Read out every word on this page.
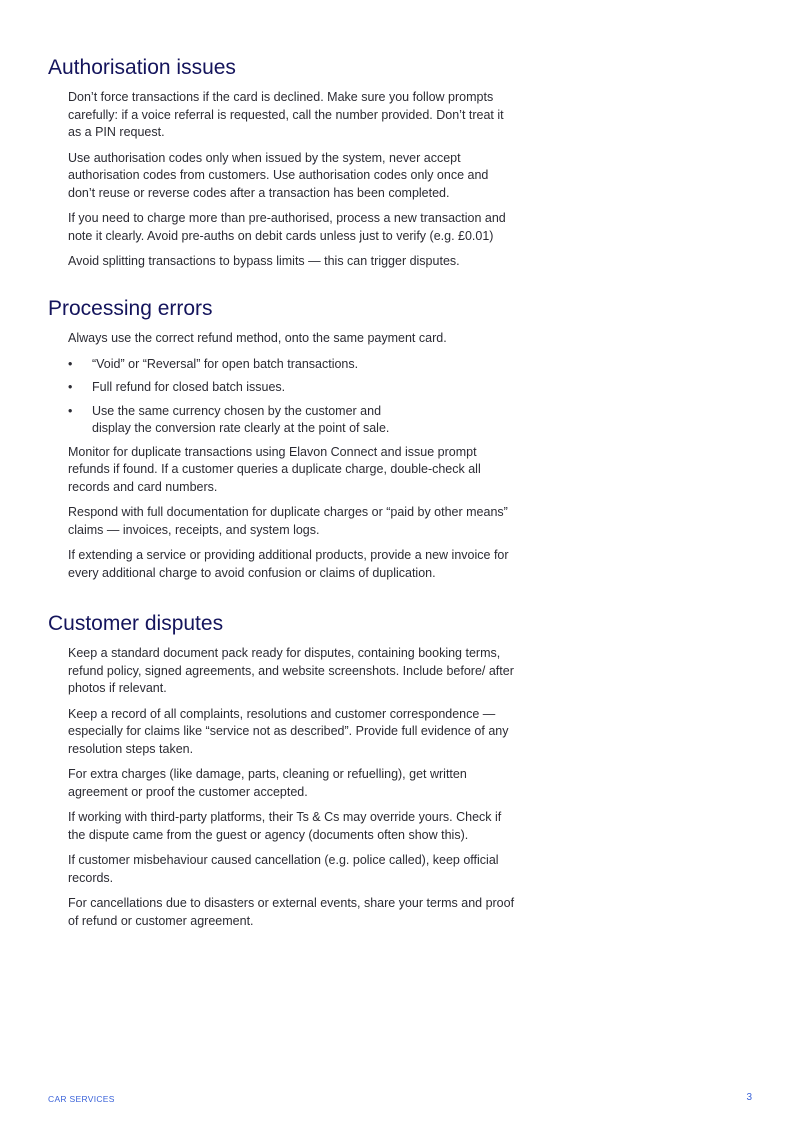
Authorisation issues

Don’t force transactions if the card is declined. Make sure you follow prompts carefully: if a voice referral is requested, call the number provided. Don’t treat it as a PIN request.

Use authorisation codes only when issued by the system, never accept authorisation codes from customers. Use authorisation codes only once and don’t reuse or reverse codes after a transaction has been completed.

If you need to charge more than pre-authorised, process a new transaction and note it clearly. Avoid pre-auths on debit cards unless just to verify (e.g. £0.01)

Avoid splitting transactions to bypass limits — this can trigger disputes.

Processing errors

Always use the correct refund method, onto the same payment card.

• “Void” or “Reversal” for open batch transactions.
• Full refund for closed batch issues.
• Use the same currency chosen by the customer and display the conversion rate clearly at the point of sale.

Monitor for duplicate transactions using Elavon Connect and issue prompt refunds if found. If a customer queries a duplicate charge, double-check all records and card numbers.

Respond with full documentation for duplicate charges or “paid by other means” claims — invoices, receipts, and system logs.

If extending a service or providing additional products, provide a new invoice for every additional charge to avoid confusion or claims of duplication.

Customer disputes

Keep a standard document pack ready for disputes, containing booking terms, refund policy, signed agreements, and website screenshots. Include before/ after photos if relevant.

Keep a record of all complaints, resolutions and customer correspondence — especially for claims like “service not as described”. Provide full evidence of any resolution steps taken.

For extra charges (like damage, parts, cleaning or refuelling), get written agreement or proof the customer accepted.

If working with third-party platforms, their Ts & Cs may override yours. Check if the dispute came from the guest or agency (documents often show this).

If customer misbehaviour caused cancellation (e.g. police called), keep official records.

For cancellations due to disasters or external events, share your terms and proof of refund or customer agreement.

CAR SERVICES	3
